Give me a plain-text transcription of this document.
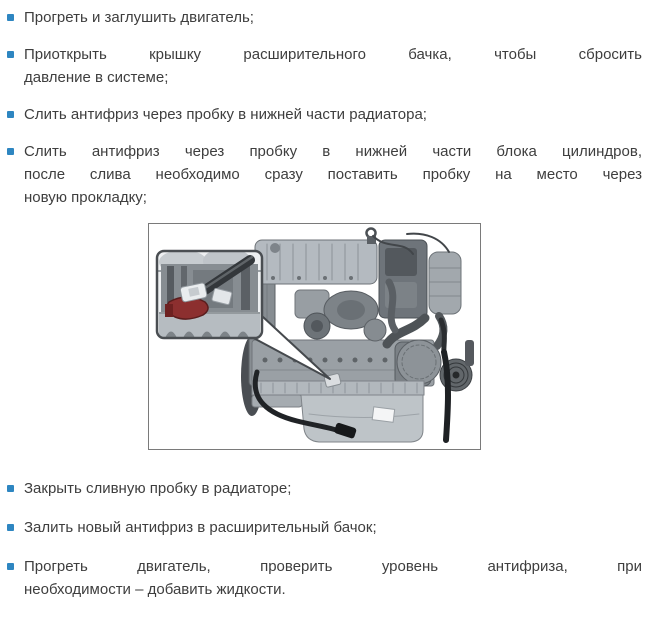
Прогреть и заглушить двигатель;
Приоткрыть крышку расширительного бачка, чтобы сбросить
давление в системе;
Слить антифриз через пробку в нижней части радиатора;
Слить антифриз через пробку в нижней части блока цилиндров,
после слива необходимо сразу поставить пробку на место через
новую прокладку;
Закрыть сливную пробку в радиаторе;
Залить новый антифриз в расширительный бачок;
Прогреть двигатель, проверить уровень антифриза, при
необходимости – добавить жидкости.
